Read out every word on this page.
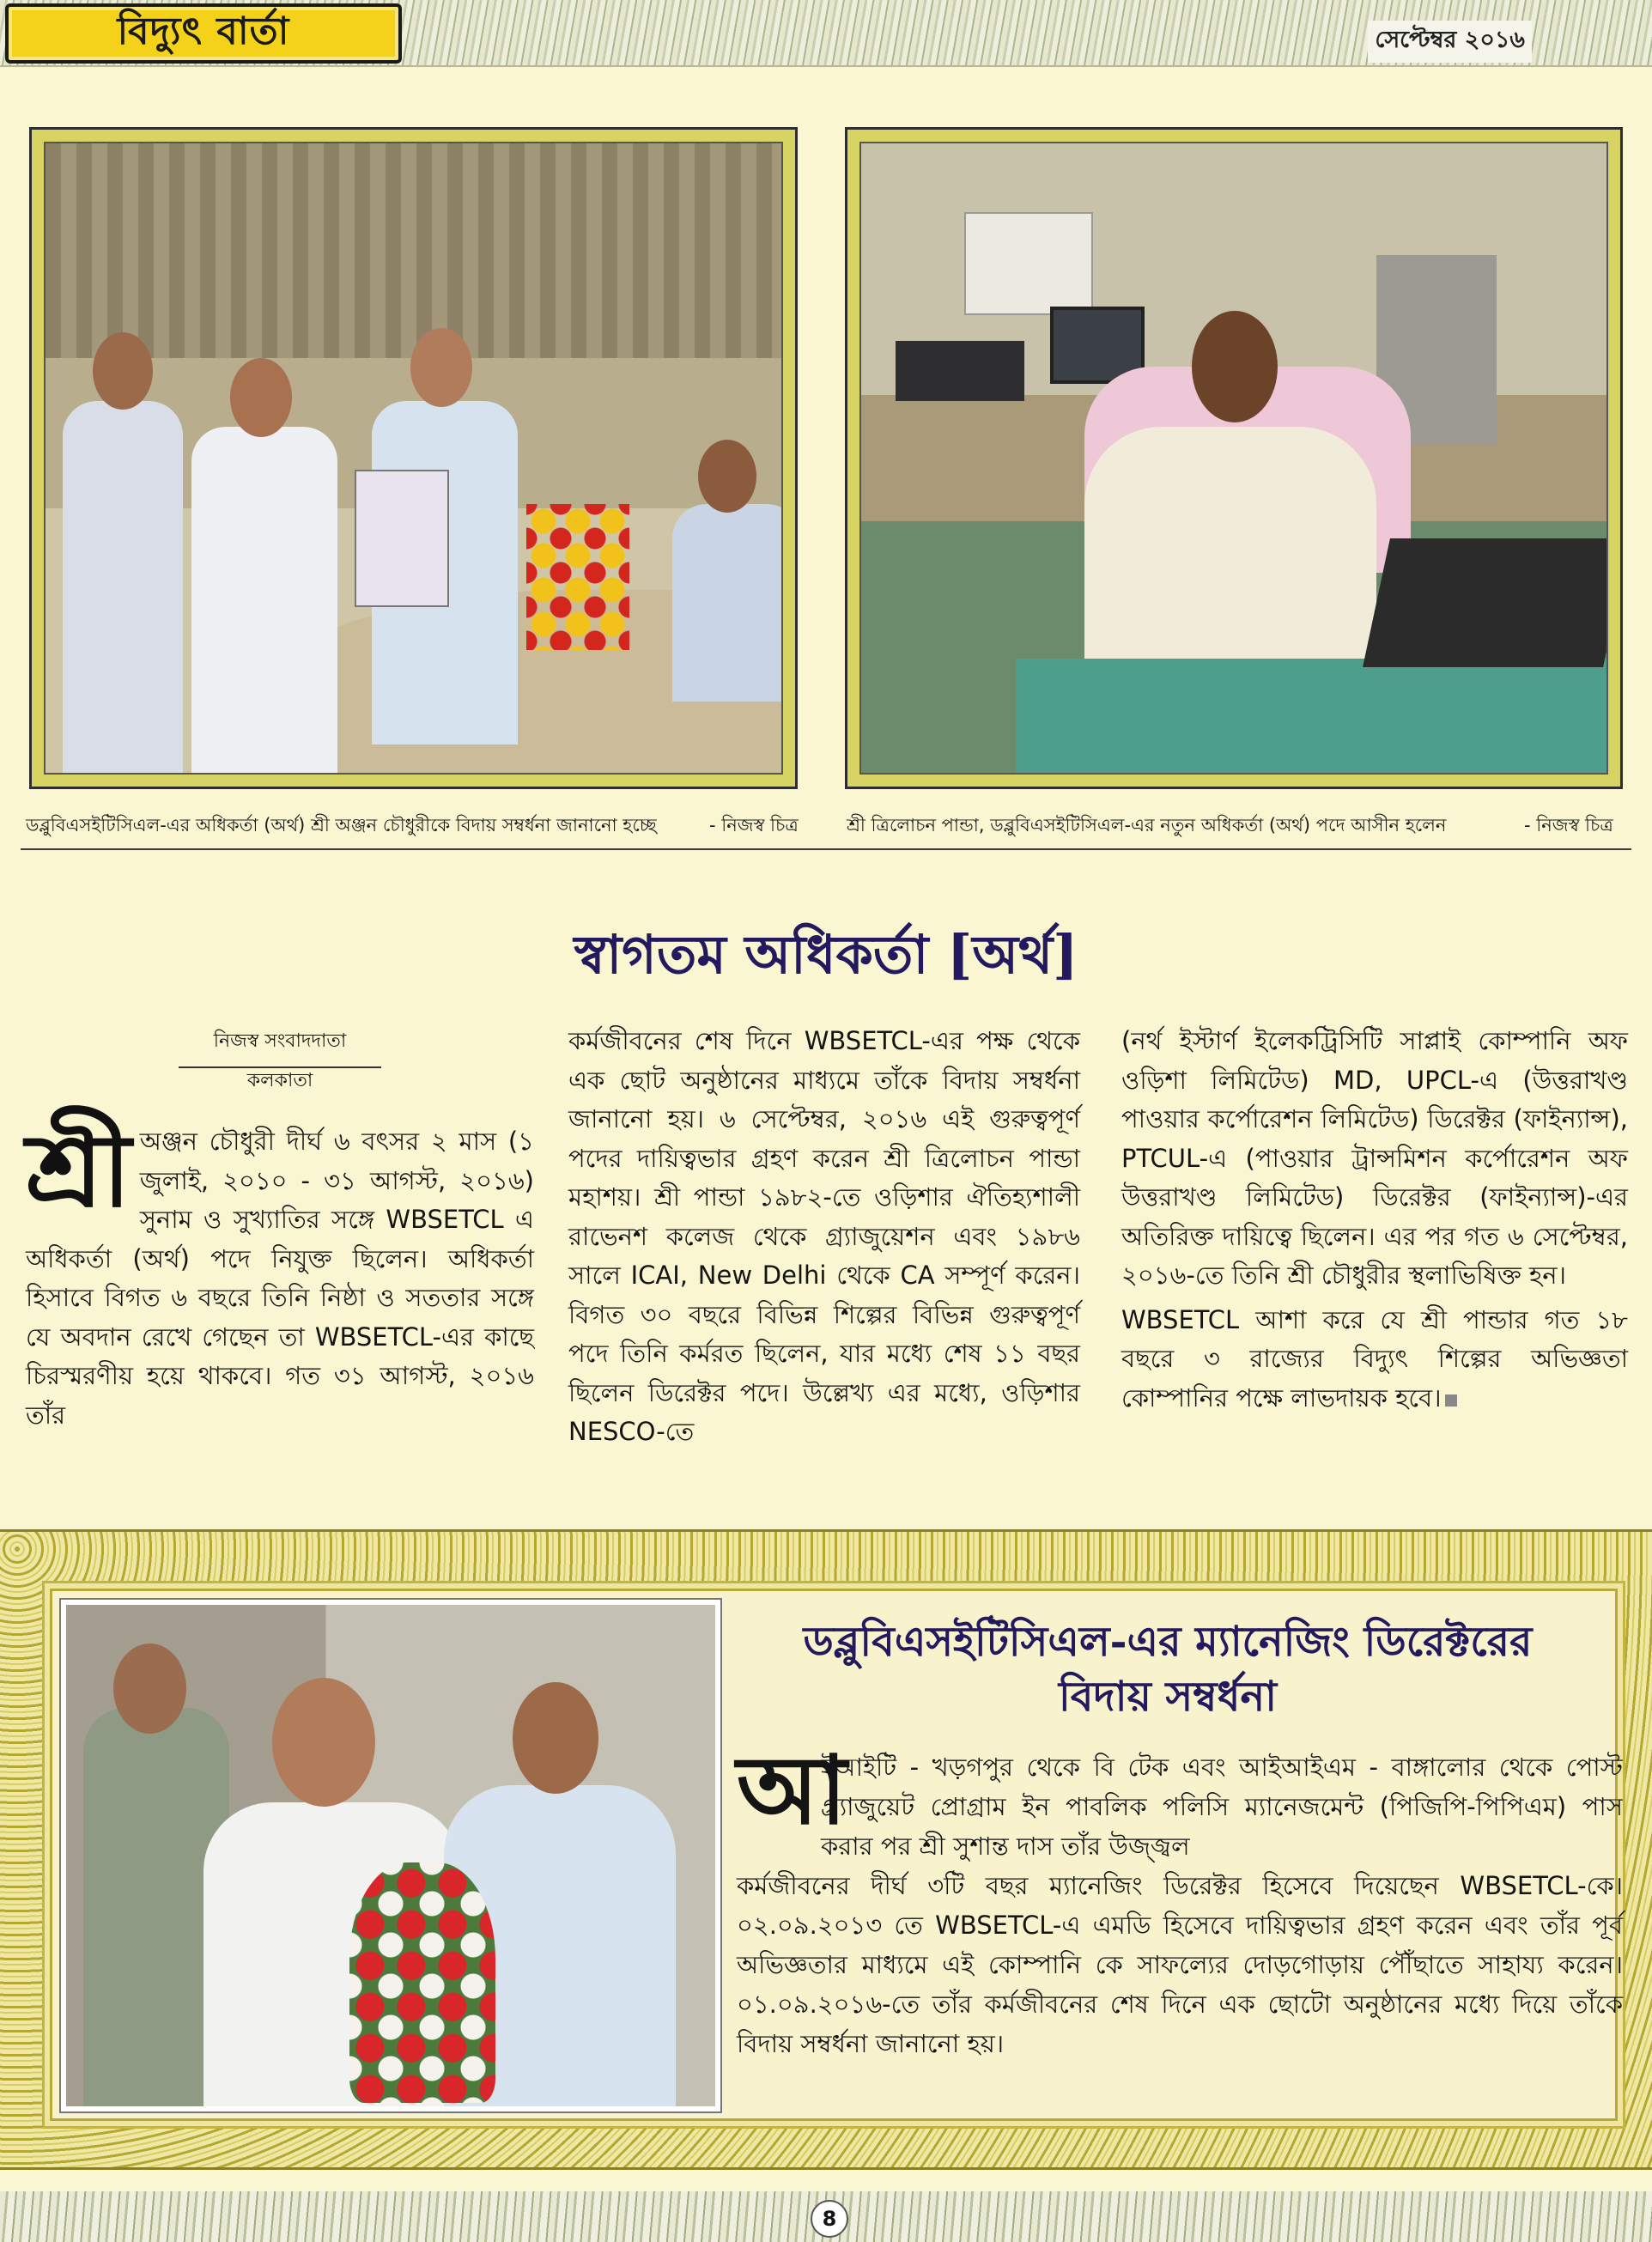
বিদ্যুৎ বার্তা	সেপ্টেম্বর ২০১৬
ডব্লুবিএসইটিসিএল-এর অধিকর্তা (অর্থ) শ্রী অঞ্জন চৌধুরীকে বিদায় সম্বর্ধনা জানানো হচ্ছে	- নিজস্ব চিত্র	শ্রী ত্রিলোচন পান্ডা, ডব্লুবিএসইটিসিএল-এর নতুন অধিকর্তা (অর্থ) পদে আসীন হলেন	- নিজস্ব চিত্র
স্বাগতম অধিকর্তা [অর্থ]
নিজস্ব সংবাদদাতা
কলকাতা
শ্রী অঞ্জন চৌধুরী দীর্ঘ ৬ বৎসর ২ মাস (১ জুলাই, ২০১০ - ৩১ আগস্ট, ২০১৬) সুনাম ও সুখ্যাতির সঙ্গে WBSETCL এ অধিকর্তা (অর্থ) পদে নিযুক্ত ছিলেন। অধিকর্তা হিসাবে বিগত ৬ বছরে তিনি নিষ্ঠা ও সততার সঙ্গে যে অবদান রেখে গেছেন তা WBSETCL-এর কাছে চিরস্মরণীয় হয়ে থাকবে। গত ৩১ আগস্ট, ২০১৬ তাঁর
কর্মজীবনের শেষ দিনে WBSETCL-এর পক্ষ থেকে এক ছোট অনুষ্ঠানের মাধ্যমে তাঁকে বিদায় সম্বর্ধনা জানানো হয়। ৬ সেপ্টেম্বর, ২০১৬ এই গুরুত্বপূর্ণ পদের দায়িত্বভার গ্রহণ করেন শ্রী ত্রিলোচন পান্ডা মহাশয়। শ্রী পান্ডা ১৯৮২-তে ওড়িশার ঐতিহ্যশালী রাভেনশ কলেজ থেকে গ্র্যাজুয়েশন এবং ১৯৮৬ সালে ICAI, New Delhi থেকে CA সম্পূর্ণ করেন। বিগত ৩০ বছরে বিভিন্ন শিল্পের বিভিন্ন গুরুত্বপূর্ণ পদে তিনি কর্মরত ছিলেন, যার মধ্যে শেষ ১১ বছর ছিলেন ডিরেক্টর পদে। উল্লেখ্য এর মধ্যে, ওড়িশার NESCO-তে

(নর্থ ইস্টার্ণ ইলেকট্রিসিটি সাপ্লাই কোম্পানি অফ ওড়িশা লিমিটেড) MD, UPCL-এ (উত্তরাখণ্ড পাওয়ার কর্পোরেশন লিমিটেড) ডিরেক্টর (ফাইন্যান্স), PTCUL-এ (পাওয়ার ট্রান্সমিশন কর্পোরেশন অফ উত্তরাখণ্ড লিমিটেড) ডিরেক্টর (ফাইন্যান্স)-এর অতিরিক্ত দায়িত্বে ছিলেন। এর পর গত ৬ সেপ্টেম্বর, ২০১৬-তে তিনি শ্রী চৌধুরীর স্থলাভিষিক্ত হন।

WBSETCL আশা করে যে শ্রী পান্ডার গত ১৮ বছরে ৩ রাজ্যের বিদ্যুৎ শিল্পের অভিজ্ঞতা কোম্পানির পক্ষে লাভদায়ক হবে।

ডব্লুবিএসইটিসিএল-এর ম্যানেজিং ডিরেক্টরের
বিদায় সম্বর্ধনা
আ
ইআইটি - খড়গপুর থেকে বি টেক এবং আইআইএম - বাঙ্গালোর থেকে পোস্ট গ্র্যাজুয়েট প্রোগ্রাম ইন পাবলিক পলিসি ম্যানেজমেন্ট (পিজিপি-পিপিএম) পাস করার পর শ্রী সুশান্ত দাস তাঁর উজ্জ্বল
কর্মজীবনের দীর্ঘ ৩টি বছর ম্যানেজিং ডিরেক্টর হিসেবে দিয়েছেন WBSETCL-কে। ০২.০৯.২০১৩ তে WBSETCL-এ এমডি হিসেবে দায়িত্বভার গ্রহণ করেন এবং তাঁর পূর্ব অভিজ্ঞতার মাধ্যমে এই কোম্পানি কে সাফল্যের দোড়গোড়ায় পৌঁছাতে সাহায্য করেন। ০১.০৯.২০১৬-তে তাঁর কর্মজীবনের শেষ দিনে এক ছোটো অনুষ্ঠানের মধ্যে দিয়ে তাঁকে বিদায় সম্বর্ধনা জানানো হয়।
8
